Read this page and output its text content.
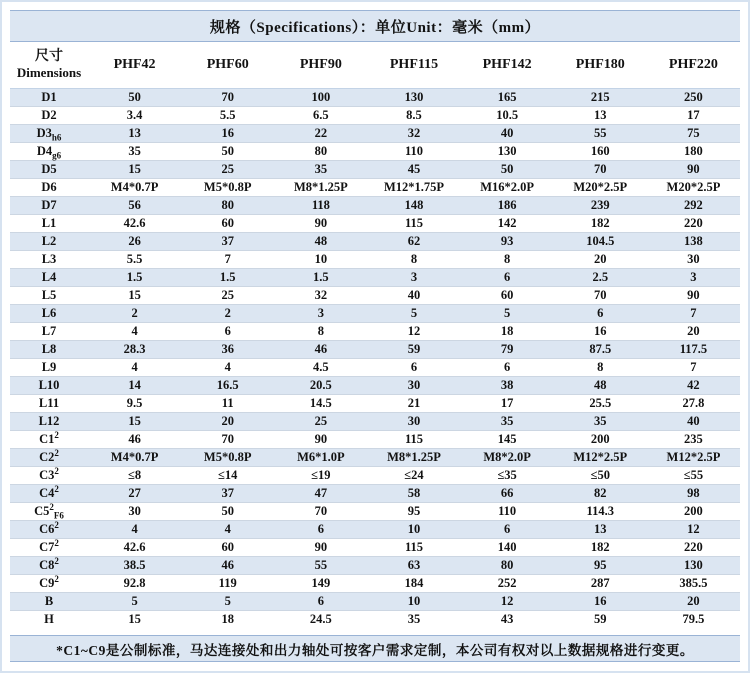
规格（Specifications）：单位Unit：毫米（mm）
尺寸
Dimensions	PHF42	PHF60	PHF90	PHF115	PHF142	PHF180	PHF220
D1	50	70	100	130	165	215	250
D2	3.4	5.5	6.5	8.5	10.5	13	17
$D3_{h6}$	13	16	22	32	40	55	75
$D4_{g6}$	35	50	80	110	130	160	180
D5	15	25	35	45	50	70	90
D6	M4*0.7P	M5*0.8P	M8*1.25P	M12*1.75P	M16*2.0P	M20*2.5P	M20*2.5P
D7	56	80	118	148	186	239	292
L1	42.6	60	90	115	142	182	220
L2	26	37	48	62	93	104.5	138
L3	5.5	7	10	8	8	20	30
L4	1.5	1.5	1.5	3	6	2.5	3
L5	15	25	32	40	60	70	90
L6	2	2	3	5	5	6	7
L7	4	6	8	12	18	16	20
L8	28.3	36	46	59	79	87.5	117.5
L9	4	4	4.5	6	6	8	7
L10	14	16.5	20.5	30	38	48	42
L11	9.5	11	14.5	21	17	25.5	27.8
L12	15	20	25	30	35	35	40
$C1^2$	46	70	90	115	145	200	235
$C2^2$	M4*0.7P	M5*0.8P	M6*1.0P	M8*1.25P	M8*2.0P	M12*2.5P	M12*2.5P
$C3^2$	≤8	≤14	≤19	≤24	≤35	≤50	≤55
$C4^2$	27	37	47	58	66	82	98
$C5^2_{F6}$	30	50	70	95	110	114.3	200
$C6^2$	4	4	6	10	6	13	12
$C7^2$	42.6	60	90	115	140	182	220
$C8^2$	38.5	46	55	63	80	95	130
$C9^2$	92.8	119	149	184	252	287	385.5
B	5	5	6	10	12	16	20
H	15	18	24.5	35	43	59	79.5
*C1~C9是公制标准，马达连接处和出力轴处可按客户需求定制，本公司有权对以上数据规格进行变更。
